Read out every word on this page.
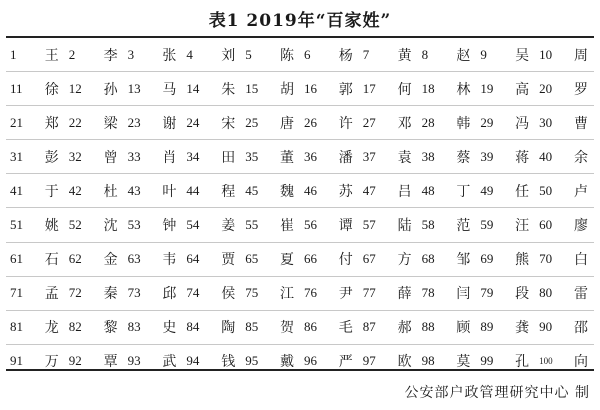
表1 2019年“百家姓”
1	王 2	李 3	张 4	刘 5	陈 6	杨 7	黄 8	赵 9	吴 10	周
11	徐 12	孙 13	马 14	朱 15	胡 16	郭 17	何 18	林 19	高 20	罗
21	郑 22	梁 23	谢 24	宋 25	唐 26	许 27	邓 28	韩 29	冯 30	曹
31	彭 32	曾 33	肖 34	田 35	董 36	潘 37	袁 38	蔡 39	蒋 40	余
41	于 42	杜 43	叶 44	程 45	魏 46	苏 47	吕 48	丁 49	任 50	卢
51	姚 52	沈 53	钟 54	姜 55	崔 56	谭 57	陆 58	范 59	汪 60	廖
61	石 62	金 63	韦 64	贾 65	夏 66	付 67	方 68	邹 69	熊 70	白
71	孟 72	秦 73	邱 74	侯 75	江 76	尹 77	薛 78	闫 79	段 80	雷
81	龙 82	黎 83	史 84	陶 85	贺 86	毛 87	郝 88	顾 89	龚 90	邵
91	万 92	覃 93	武 94	钱 95	戴 96	严 97	欧 98	莫 99	孔 100	向
公安部户政管理研究中心 制
